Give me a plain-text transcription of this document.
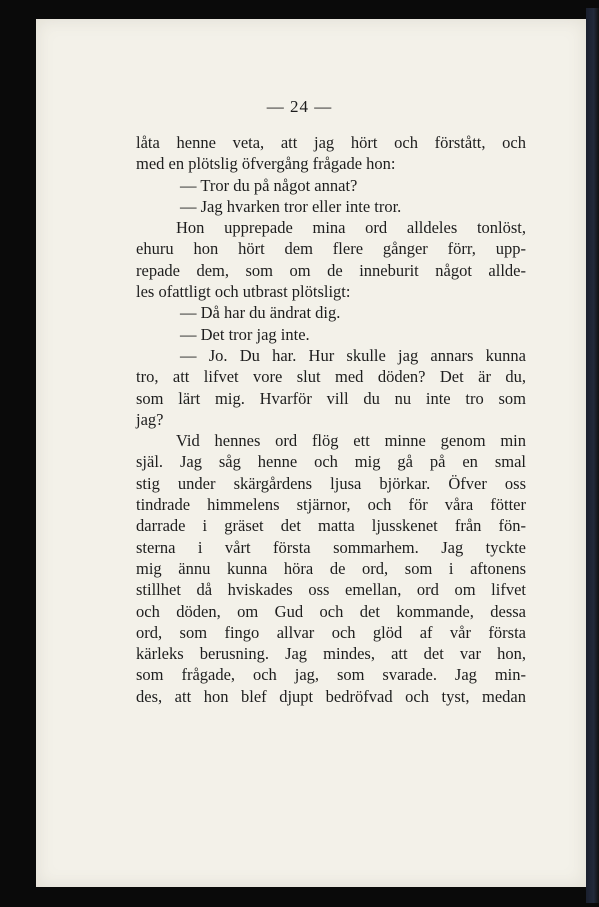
— 24 —
låta henne veta, att jag hört och förstått, och
med en plötslig öfvergång frågade hon:
— Tror du på något annat?
— Jag hvarken tror eller inte tror.
Hon upprepade mina ord alldeles tonlöst,
ehuru hon hört dem flere gånger förr, upp-
repade dem, som om de inneburit något allde-
les ofattligt och utbrast plötsligt:
— Då har du ändrat dig.
— Det tror jag inte.
— Jo. Du har. Hur skulle jag annars kunna
tro, att lifvet vore slut med döden? Det är du,
som lärt mig. Hvarför vill du nu inte tro som
jag?
Vid hennes ord flög ett minne genom min
själ. Jag såg henne och mig gå på en smal
stig under skärgårdens ljusa björkar. Öfver oss
tindrade himmelens stjärnor, och för våra fötter
darrade i gräset det matta ljusskenet från fön-
sterna i vårt första sommarhem. Jag tyckte
mig ännu kunna höra de ord, som i aftonens
stillhet då hviskades oss emellan, ord om lifvet
och döden, om Gud och det kommande, dessa
ord, som fingo allvar och glöd af vår första
kärleks berusning. Jag mindes, att det var hon,
som frågade, och jag, som svarade. Jag min-
des, att hon blef djupt bedröfvad och tyst, medan
